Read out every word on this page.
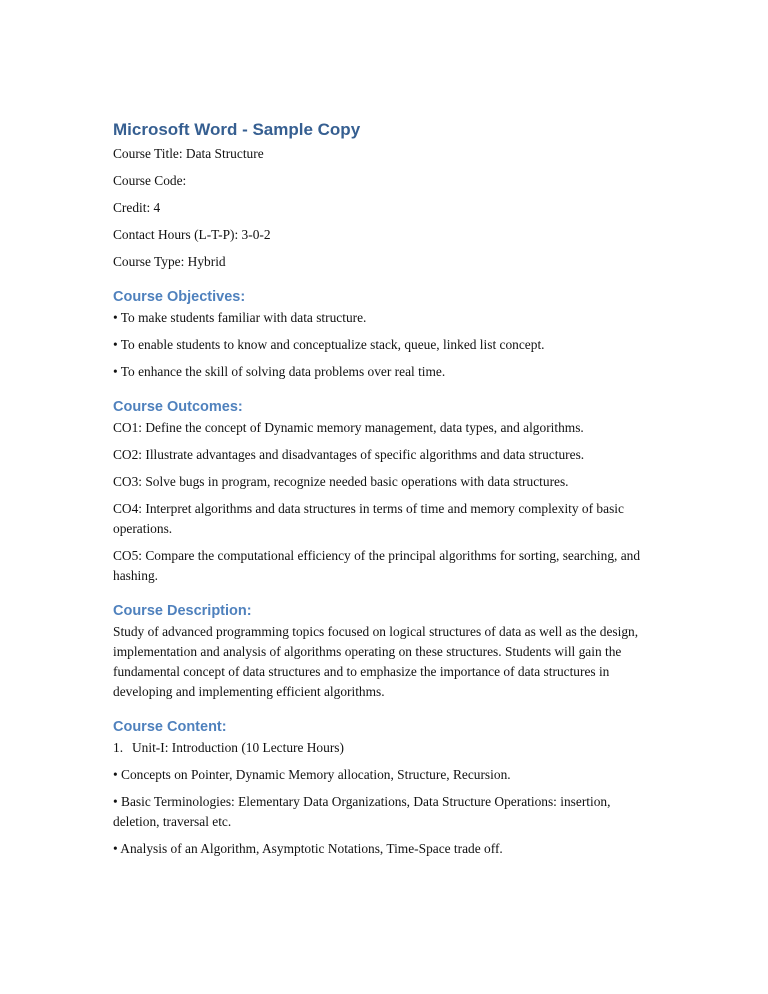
Microsoft Word - Sample Copy

Course Title: Data Structure

Course Code:

Credit: 4

Contact Hours (L-T-P): 3-0-2

Course Type: Hybrid

Course Objectives:

• To make students familiar with data structure.

• To enable students to know and conceptualize stack, queue, linked list concept.

• To enhance the skill of solving data problems over real time.

Course Outcomes:

CO1: Define the concept of Dynamic memory management, data types, and algorithms.

CO2: Illustrate advantages and disadvantages of specific algorithms and data structures.

CO3: Solve bugs in program, recognize needed basic operations with data structures.

CO4: Interpret algorithms and data structures in terms of time and memory complexity of basic operations.

CO5: Compare the computational efficiency of the principal algorithms for sorting, searching, and hashing.

Course Description:

Study of advanced programming topics focused on logical structures of data as well as the design, implementation and analysis of algorithms operating on these structures. Students will gain the fundamental concept of data structures and to emphasize the importance of data structures in developing and implementing efficient algorithms.

Course Content:

1. Unit-I: Introduction (10 Lecture Hours)

• Concepts on Pointer, Dynamic Memory allocation, Structure, Recursion.

• Basic Terminologies: Elementary Data Organizations, Data Structure Operations: insertion, deletion, traversal etc.

• Analysis of an Algorithm, Asymptotic Notations, Time-Space trade off.
